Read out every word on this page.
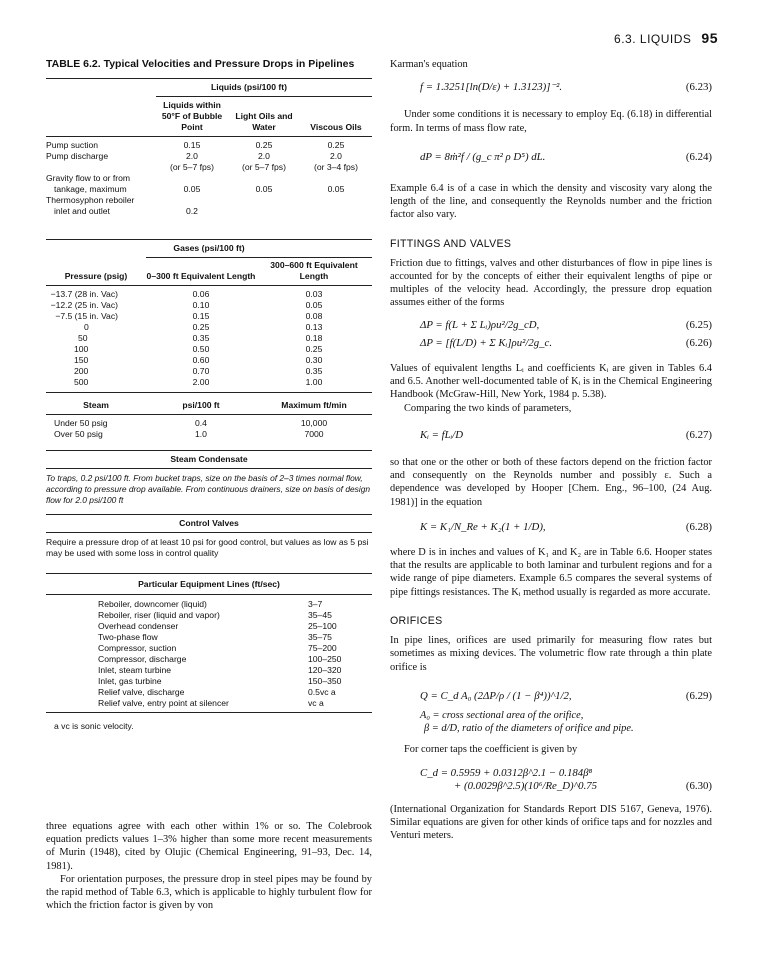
6.3. LIQUIDS 95
TABLE 6.2. Typical Velocities and Pressure Drops in Pipelines
Liquids (psi/100 ft)
	Liquids within 50°F of Bubble Point	Light Oils and Water	Viscous Oils

Pump suction	0.15	0.25	0.25
Pump discharge	2.0	2.0	2.0
	(or 5–7 fps)	(or 5–7 fps)	(or 3–4 fps)
Gravity flow to or from			
tankage, maximum	0.05	0.05	0.05
Thermosyphon reboiler			
inlet and outlet	0.2		
Gases (psi/100 ft)
Pressure (psig)	0–300 ft Equivalent Length	300–600 ft Equivalent Length

−13.7 (28 in. Vac)	0.06	0.03
−12.2 (25 in. Vac)	0.10	0.05
−7.5 (15 in. Vac)	0.15	0.08
0	0.25	0.13
50	0.35	0.18
100	0.50	0.25
150	0.60	0.30
200	0.70	0.35
500	2.00	1.00
Steam	psi/100 ft	Maximum ft/min

Under 50 psig	0.4	10,000
Over 50 psig	1.0	7000
Steam Condensate
To traps, 0.2 psi/100 ft. From bucket traps, size on the basis of 2–3 times normal flow, according to pressure drop available. From continuous drainers, size on basis of design flow for 2.0 psi/100 ft
Control Valves
Require a pressure drop of at least 10 psi for good control, but values as low as 5 psi may be used with some loss in control quality
Particular Equipment Lines (ft/sec)
Reboiler, downcomer (liquid)	3–7
Reboiler, riser (liquid and vapor)	35–45
Overhead condenser	25–100
Two-phase flow	35–75
Compressor, suction	75–200
Compressor, discharge	100–250
Inlet, steam turbine	120–320
Inlet, gas turbine	150–350
Relief valve, discharge	0.5vc a
Relief valve, entry point at silencer	vc a
a vc is sonic velocity.
three equations agree with each other within 1% or so. The Colebrook equation predicts values 1–3% higher than some more recent measurements of Murin (1948), cited by Olujic (Chemical Engineering, 91–93, Dec. 14, 1981).
For orientation purposes, the pressure drop in steel pipes may be found by the rapid method of Table 6.3, which is applicable to highly turbulent flow for which the friction factor is given by von
Karman's equation
f = 1.3251[ln(D/ε) + 1.3123)]⁻².	(6.23)
Under some conditions it is necessary to employ Eq. (6.18) in differential form. In terms of mass flow rate,
dP = 8ṁ²f / (g_c π² ρ D⁵) dL.	(6.24)
Example 6.4 is of a case in which the density and viscosity vary along the length of the line, and consequently the Reynolds number and the friction factor also vary.
FITTINGS AND VALVES
Friction due to fittings, valves and other disturbances of flow in pipe lines is accounted for by the concepts of either their equivalent lengths of pipe or multiples of the velocity head. Accordingly, the pressure drop equation assumes either of the forms
ΔP = f(L + Σ Lᵢ)ρu²/2g_cD,	(6.25)
ΔP = [f(L/D) + Σ Kᵢ]ρu²/2g_c.	(6.26)
Values of equivalent lengths Lᵢ and coefficients Kᵢ are given in Tables 6.4 and 6.5. Another well-documented table of Kᵢ is in the Chemical Engineering Handbook (McGraw-Hill, New York, 1984 p. 5.38).
Comparing the two kinds of parameters,
Kᵢ = fLᵢ/D	(6.27)
so that one or the other or both of these factors depend on the friction factor and consequently on the Reynolds number and possibly ε. Such a dependence was developed by Hooper [Chem. Eng., 96–100, (24 Aug. 1981)] in the equation
K = K₁/N_Re + K₂(1 + 1/D),	(6.28)
where D is in inches and values of K₁ and K₂ are in Table 6.6. Hooper states that the results are applicable to both laminar and turbulent regions and for a wide range of pipe diameters. Example 6.5 compares the several systems of pipe fittings resistances. The Kᵢ method usually is regarded as more accurate.
ORIFICES
In pipe lines, orifices are used primarily for measuring flow rates but sometimes as mixing devices. The volumetric flow rate through a thin plate orifice is
Q = C_d A₀ (2ΔP/ρ / (1 − β⁴))^1/2,	(6.29)
A₀ = cross sectional area of the orifice,
β = d/D, ratio of the diameters of orifice and pipe.
For corner taps the coefficient is given by
C_d = 0.5959 + 0.0312β^2.1 − 0.184β⁸
+ (0.0029β^2.5)(10⁶/Re_D)^0.75	(6.30)
(International Organization for Standards Report DIS 5167, Geneva, 1976). Similar equations are given for other kinds of orifice taps and for nozzles and Venturi meters.
